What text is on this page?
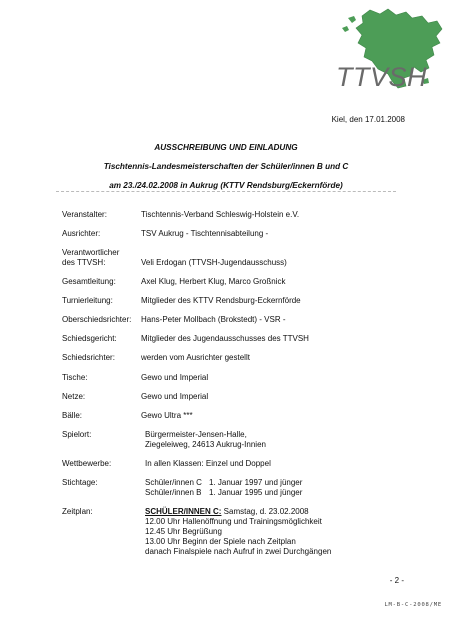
TTVSH
Kiel, den 17.01.2008
AUSSCHREIBUNG UND EINLADUNG
Tischtennis-Landesmeisterschaften der Schüler/innen B und C
am 23./24.02.2008 in Aukrug (KTTV Rendsburg/Eckernförde)
Veranstalter:	Tischtennis-Verband Schleswig-Holstein e.V.
Ausrichter:	TSV Aukrug - Tischtennisabteilung -
Verantwortlicher
des TTVSH:	Veli Erdogan (TTVSH-Jugendausschuss)
Gesamtleitung:	Axel Klug, Herbert Klug, Marco Großnick
Turnierleitung:	Mitglieder des KTTV Rendsburg-Eckernförde
Oberschiedsrichter: Hans-Peter Mollbach (Brokstedt) - VSR -
Schiedsgericht:	Mitglieder des Jugendausschusses des TTVSH
Schiedsrichter:	werden vom Ausrichter gestellt
Tische:	Gewo und Imperial
Netze:	Gewo und Imperial
Bälle:	Gewo Ultra ***
Spielort:	Bürgermeister-Jensen-Halle,
Ziegeleiweg, 24613 Aukrug-Innien
Wettbewerbe:	In allen Klassen: Einzel und Doppel
Stichtage:	Schüler/innen C 1. Januar 1997 und jünger
Schüler/innen B 1. Januar 1995 und jünger
Zeitplan:	SCHÜLER/INNEN C: Samstag, d. 23.02.2008
12.00 Uhr Hallenöffnung und Trainingsmöglichkeit
12.45 Uhr Begrüßung
13.00 Uhr Beginn der Spiele nach Zeitplan
danach Finalspiele nach Aufruf in zwei Durchgängen
- 2 -
LM-B-C-2008/ME
